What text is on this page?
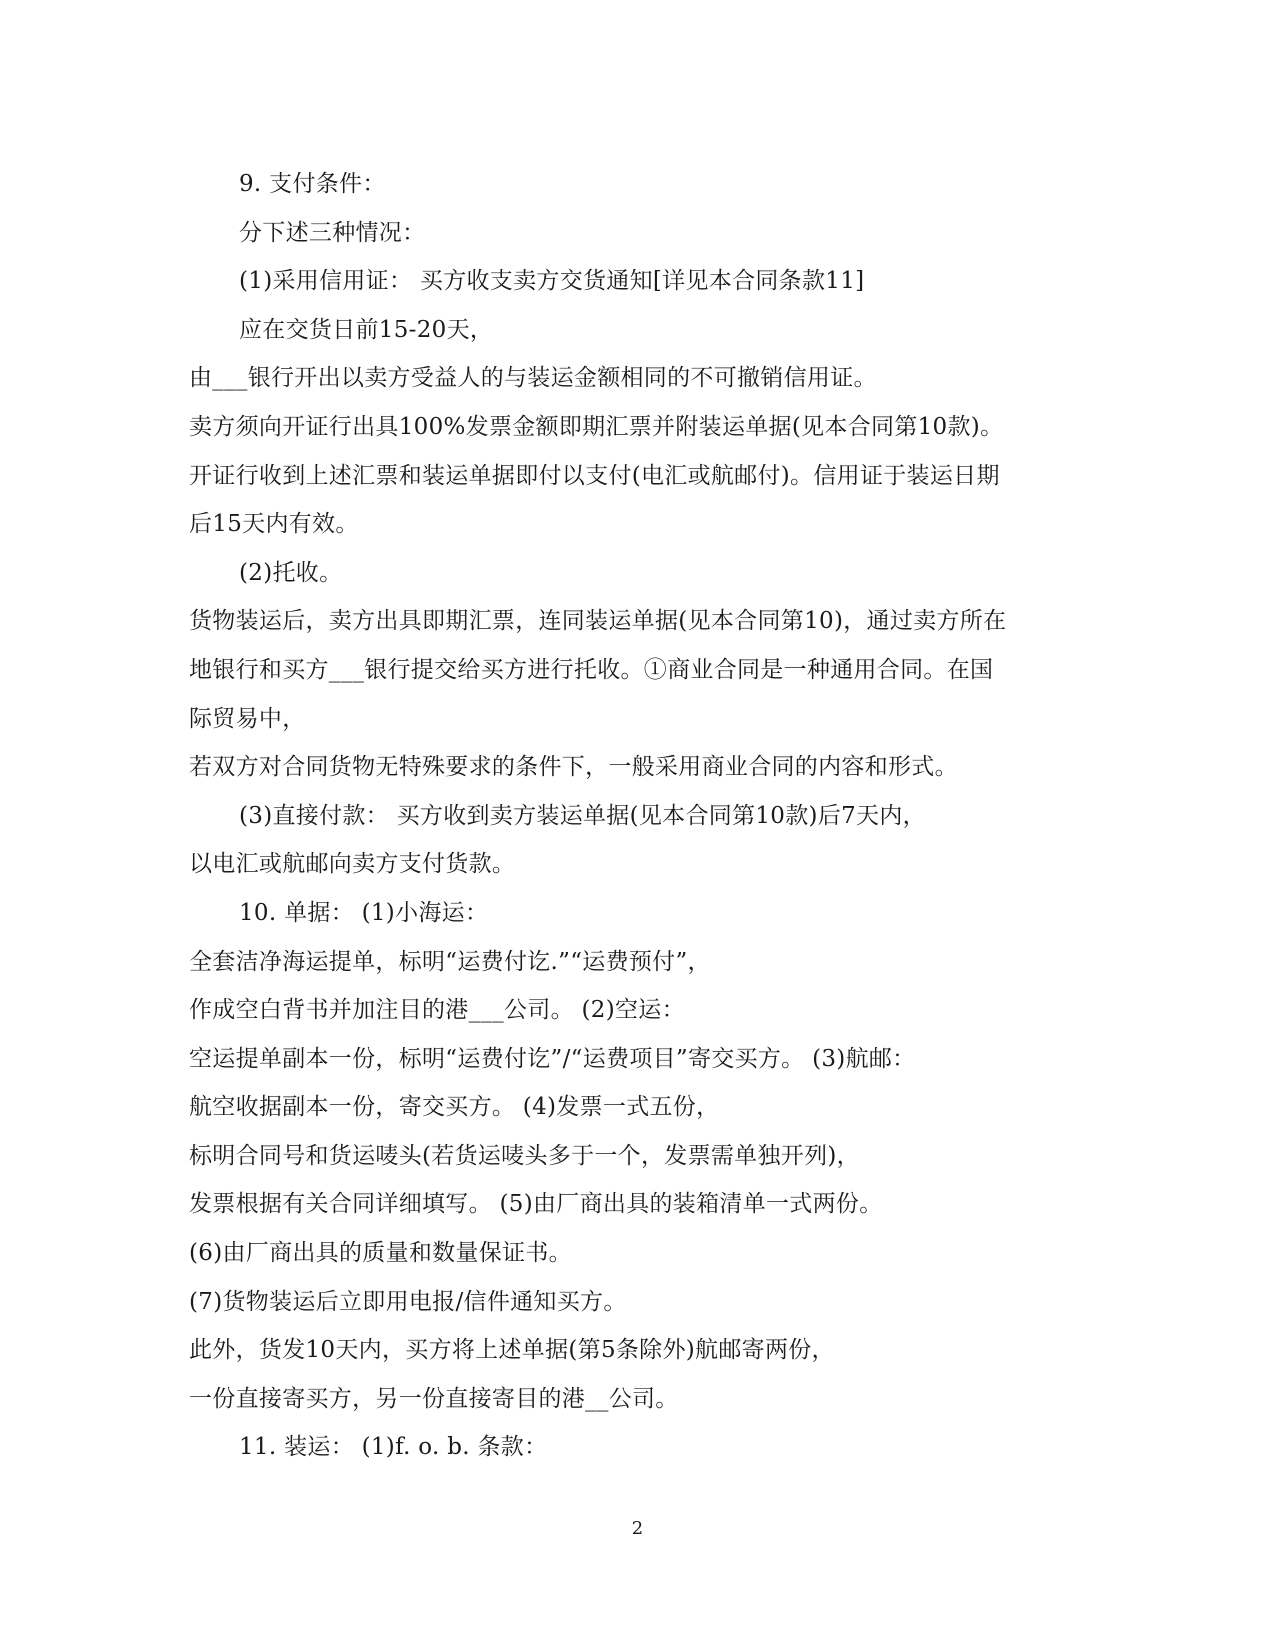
9. 支付条件：
分下述三种情况：
(1)采用信用证： 买方收支卖方交货通知[详见本合同条款11]
应在交货日前15-20天，
由___银行开出以卖方受益人的与装运金额相同的不可撤销信用证。
卖方须向开证行出具100%发票金额即期汇票并附装运单据(见本合同第10款)。
开证行收到上述汇票和装运单据即付以支付(电汇或航邮付)。信用证于装运日期
后15天内有效。
(2)托收。
货物装运后，卖方出具即期汇票，连同装运单据(见本合同第10)，通过卖方所在
地银行和买方___银行提交给买方进行托收。①商业合同是一种通用合同。在国
际贸易中，
若双方对合同货物无特殊要求的条件下，一般采用商业合同的内容和形式。
(3)直接付款： 买方收到卖方装运单据(见本合同第10款)后7天内，
以电汇或航邮向卖方支付货款。
10. 单据： (1)小海运：
全套洁净海运提单，标明“运费付讫.”“运费预付”，
作成空白背书并加注目的港___公司。 (2)空运：
空运提单副本一份，标明“运费付讫”/“运费项目”寄交买方。 (3)航邮：
航空收据副本一份，寄交买方。 (4)发票一式五份，
标明合同号和货运唛头(若货运唛头多于一个，发票需单独开列)，
发票根据有关合同详细填写。 (5)由厂商出具的装箱清单一式两份。
(6)由厂商出具的质量和数量保证书。
(7)货物装运后立即用电报/信件通知买方。
此外，货发10天内，买方将上述单据(第5条除外)航邮寄两份，
一份直接寄买方，另一份直接寄目的港__公司。
11. 装运： (1)f. o. b. 条款：
2
